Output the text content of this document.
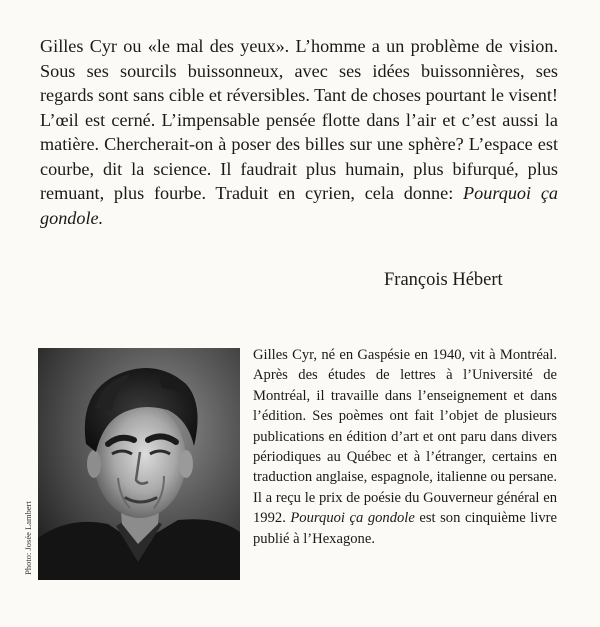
Gilles Cyr ou «le mal des yeux». L’homme a un problème de vision. Sous ses sourcils buissonneux, avec ses idées buissonnières, ses regards sont sans cible et réversibles. Tant de choses pourtant le visent! L’œil est cerné. L’impensable pensée flotte dans l’air et c’est aussi la matière. Chercherait-on à poser des billes sur une sphère? L’espace est courbe, dit la science. Il faudrait plus humain, plus bifurqué, plus remuant, plus fourbe. Traduit en cyrien, cela donne: Pourquoi ça gondole.

François Hébert
Photo: Josée Lambert

Gilles Cyr, né en Gaspésie en 1940, vit à Montréal. Après des études de lettres à l’Université de Montréal, il travaille dans l’enseignement et dans l’édition. Ses poèmes ont fait l’objet de plusieurs publications en édition d’art et ont paru dans divers périodiques au Québec et à l’étranger, certains en traduction anglaise, espagnole, italienne ou persane. Il a reçu le prix de poésie du Gouverneur général en 1992. Pourquoi ça gondole est son cinquième livre publié à l’Hexagone.
